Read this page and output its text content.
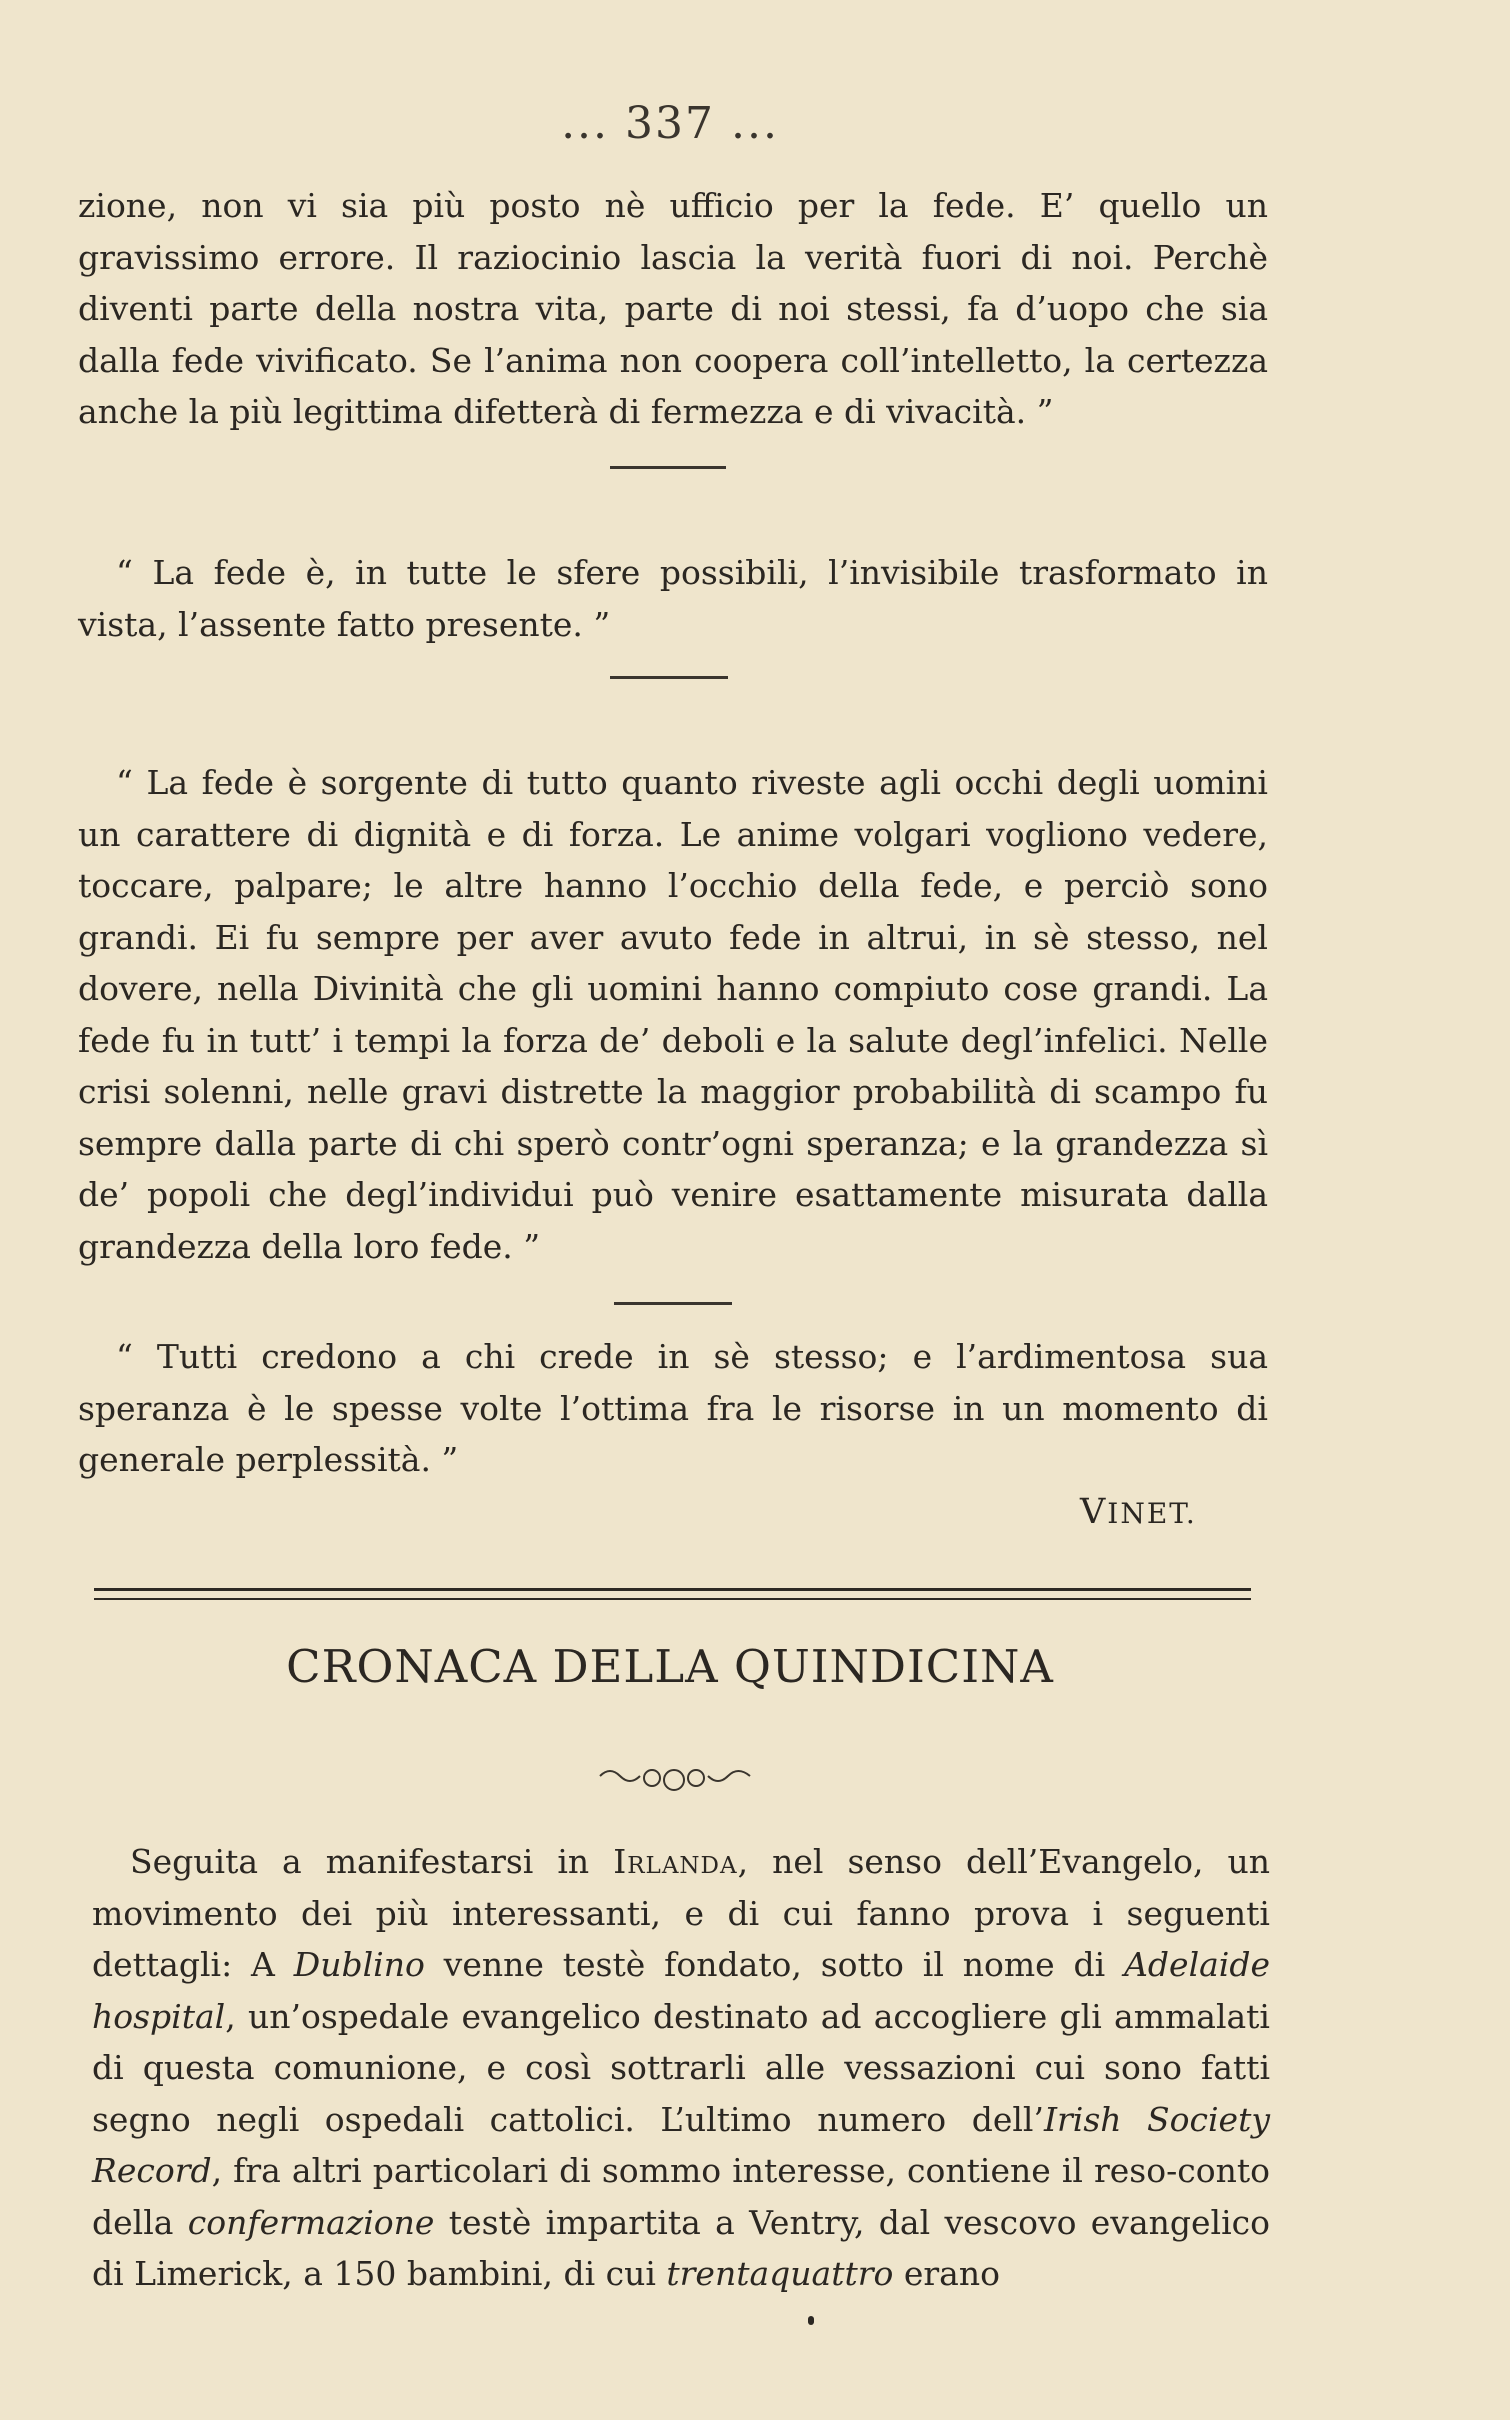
... 337 ...

zione, non vi sia più posto nè ufficio per la fede. E’ quello un gravissimo errore. Il raziocinio lascia la verità fuori di noi. Perchè diventi parte della nostra vita, parte di noi stessi, fa d’uopo che sia dalla fede vivificato. Se l’anima non coopera coll’intelletto, la certezza anche la più legittima difetterà di fermezza e di vivacità. ”

“ La fede è, in tutte le sfere possibili, l’invisibile trasformato in vista, l’assente fatto presente. ”

“ La fede è sorgente di tutto quanto riveste agli occhi degli uomini un carattere di dignità e di forza. Le anime volgari vogliono vedere, toccare, palpare; le altre hanno l’occhio della fede, e perciò sono grandi. Ei fu sempre per aver avuto fede in altrui, in sè stesso, nel dovere, nella Divinità che gli uomini hanno compiuto cose grandi. La fede fu in tutt’ i tempi la forza de’ deboli e la salute degl’infelici. Nelle crisi solenni, nelle gravi distrette la maggior probabilità di scampo fu sempre dalla parte di chi sperò contr’ogni speranza; e la grandezza sì de’ popoli che degl’individui può venire esattamente misurata dalla grandezza della loro fede. ”

“ Tutti credono a chi crede in sè stesso; e l’ardimentosa sua speranza è le spesse volte l’ottima fra le risorse in un momento di generale perplessità. ”

VINET.
CRONACA DELLA QUINDICINA

Seguita a manifestarsi in Irlanda, nel senso dell’Evangelo, un movimento dei più interessanti, e di cui fanno prova i seguenti dettagli: A Dublino venne testè fondato, sotto il nome di Adelaide hospital, un’ospedale evangelico destinato ad accogliere gli ammalati di questa comunione, e così sottrarli alle vessazioni cui sono fatti segno negli ospedali cattolici. L’ultimo numero dell’Irish Society Record, fra altri particolari di sommo interesse, contiene il reso-conto della confermazione testè impartita a Ventry, dal vescovo evangelico di Limerick, a 150 bambini, di cui trentaquattro erano
